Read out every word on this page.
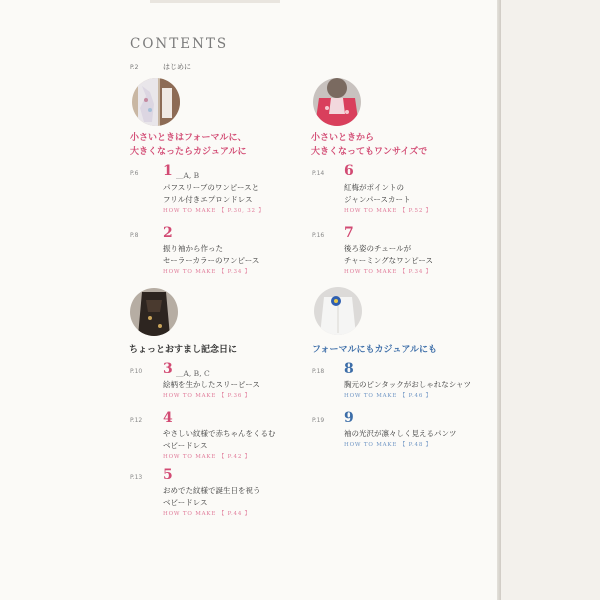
CONTENTS
P.2	はじめに
小さいときはフォーマルに、
大きくなったらカジュアルに
小さいときから
大きくなってもワンサイズで
ちょっとおすまし記念日に	フォーマルにもカジュアルにも
P.6 1 ＿A, B
パフスリーブのワンピースと
フリル付きエプロンドレス
HOW TO MAKE 【 P.30, 32 】
P.8 2
振り袖から作った
セーラーカラーのワンピース
HOW TO MAKE 【 P.34 】
P.14 6
紅梅がポイントの
ジャンパースカート
HOW TO MAKE 【 P.52 】
P.16 7
後ろ姿のチュールが
チャーミングなワンピース
HOW TO MAKE 【 P.34 】
P.10 3 ＿A, B, C
絵柄を生かしたスリーピース
HOW TO MAKE 【 P.36 】
P.12 4
やさしい紋様で赤ちゃんをくるむ
ベビードレス
HOW TO MAKE 【 P.42 】
P.13 5
おめでた紋様で誕生日を祝う
ベビードレス
HOW TO MAKE 【 P.44 】
P.18 8
胸元のピンタックがおしゃれなシャツ
HOW TO MAKE 【 P.46 】
P.19 9
袖の光沢が凛々しく見えるパンツ
HOW TO MAKE 【 P.48 】
